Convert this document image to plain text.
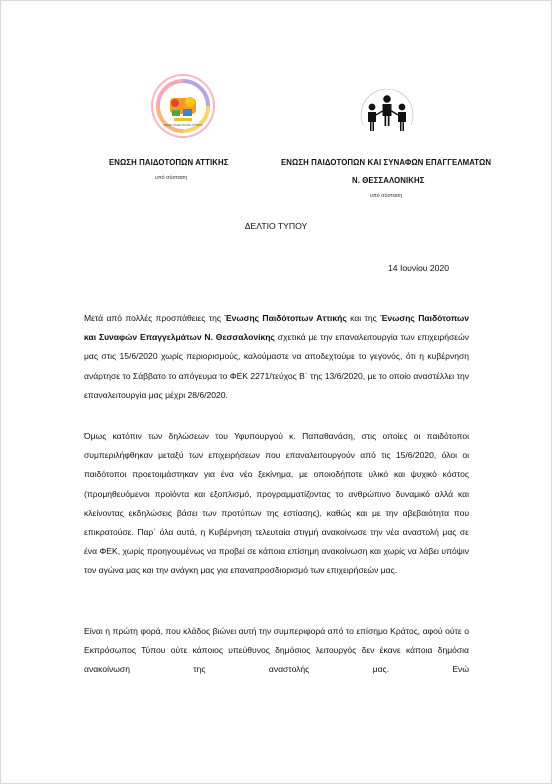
ΕΝΩΣΗ ΠΑΙΔΟΤΟΠΩΝ ΑΤΤΙΚΗΣ
ΕΝΩΣΗ ΠΑΙΔΟΤΟΠΩΝ ΑΤΤΙΚΗΣ
υπό σύσταση
ΕΝΩΣΗ ΠΑΙΔΟΤΟΠΩΝ ΚΑΙ ΣΥΝΑΦΩΝ ΕΠΑΓΓΕΛΜΑΤΩΝ
Ν. ΘΕΣΣΑΛΟΝΙΚΗΣ
υπό σύσταση
ΔΕΛΤΙΟ ΤΥΠΟΥ
14 Ιουνίου 2020

Μετά από πολλές προσπάθειες της Ένωσης Παιδότοπων Αττικής και της Ένωσης Παιδότοπων και Συναφών Επαγγελμάτων Ν. Θεσσαλονίκης σχετικά με την επαναλειτουργία των επιχειρήσεών μας στις 15/6/2020 χωρίς περιορισμούς, καλούμαστε να αποδεχτούμε το γεγονός, ότι η κυβέρνηση ανάρτησε το Σάββατο το απόγευμα το ΦΕΚ 2271/τεύχος Β΄ της 13/6/2020, με το οποίο αναστέλλει την επαναλειτουργία μας μέχρι 28/6/2020.

Όμως κατόπιν των δηλώσεων του Υφυπουργού κ. Παπαθανάση, στις οποίες οι παιδότοποι συμπεριλήφθηκαν μεταξύ των επιχειρήσεων που επαναλειτουργούν από τις 15/6/2020, όλοι οι παιδότοποι προετοιμάστηκαν για ένα νέο ξεκίνημα, με οποιοδήποτε υλικό και ψυχικό κόστος (προμηθευόμενοι προϊόντα και εξοπλισμό, προγραμματίζοντας το ανθρώπινο δυναμικό αλλά και κλείνοντας εκδηλώσεις βάσει των προτύπων της εστίασης), καθώς και με την αβεβαιότητα που επικρατούσε. Παρ΄ όλα αυτά, η Κυβέρνηση τελευταία στιγμή ανακοίνωσε την νέα αναστολή μας σε ένα ΦΕΚ, χωρίς προηγουμένως να προβεί σε κάποια επίσημη ανακοίνωση και χωρίς να λάβει υπόψιν τον αγώνα μας και την ανάγκη μας για επαναπροσδιορισμό των επιχειρήσεών μας.

Είναι η πρώτη φορά, που κλάδος βιώνει αυτή την συμπεριφορά από το επίσημο Κράτος, αφού ούτε ο Εκπρόσωπος Τύπου ούτε κάποιος υπεύθυνος δημόσιος λειτουργός δεν έκανε κάποια δημόσια ανακοίνωση της αναστολής μας. Ενώ
